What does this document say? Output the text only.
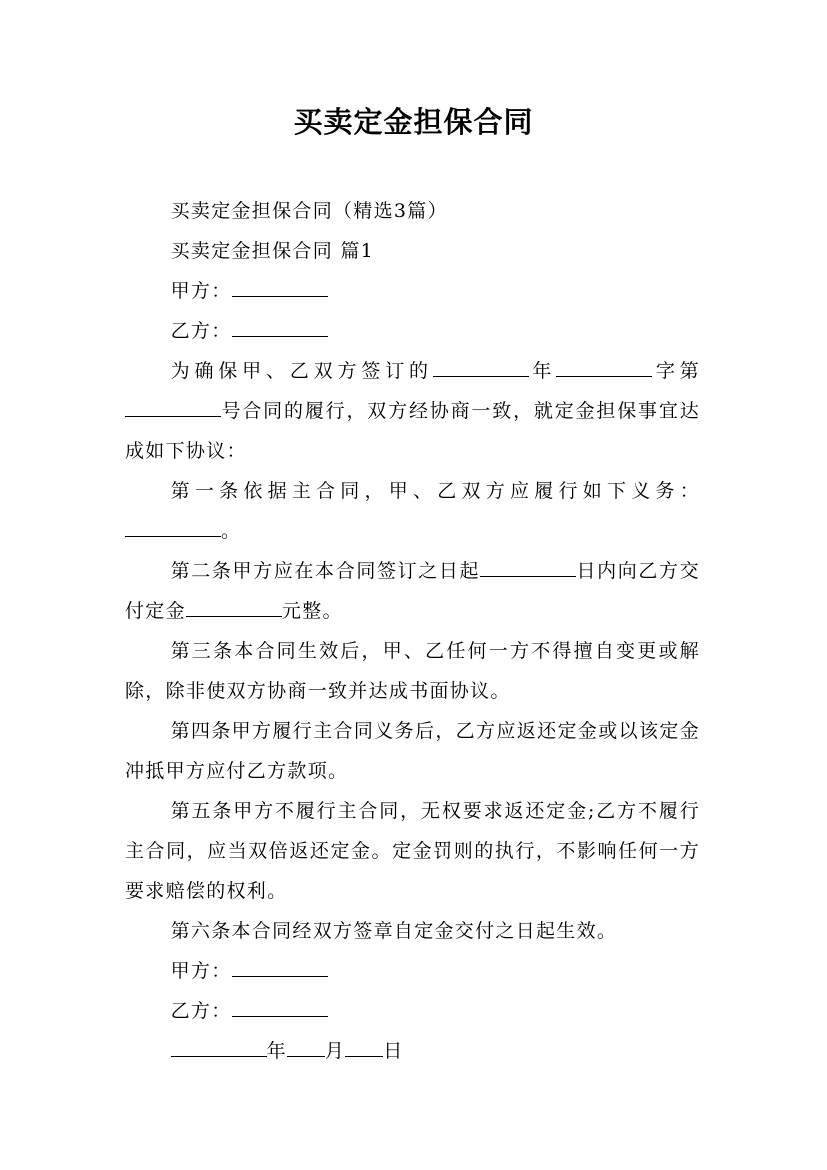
买卖定金担保合同

买卖定金担保合同（精选3篇）

买卖定金担保合同 篇1

甲方：

乙方：

为确保甲、乙双方签订的	年	字第号合同的履行，双方经协商一致，就定金担保事宜达成如下协议：

第一条依据主合同，甲、乙双方应履行如下义务：。

第二条甲方应在本合同签订之日起	日内向乙方交付定金	元整。

第三条本合同生效后，甲、乙任何一方不得擅自变更或解除，除非使双方协商一致并达成书面协议。

第四条甲方履行主合同义务后，乙方应返还定金或以该定金冲抵甲方应付乙方款项。

第五条甲方不履行主合同，无权要求返还定金;乙方不履行主合同，应当双倍返还定金。定金罚则的执行，不影响任何一方要求赔偿的权利。

第六条本合同经双方签章自定金交付之日起生效。

甲方：

乙方：

年 月 日
